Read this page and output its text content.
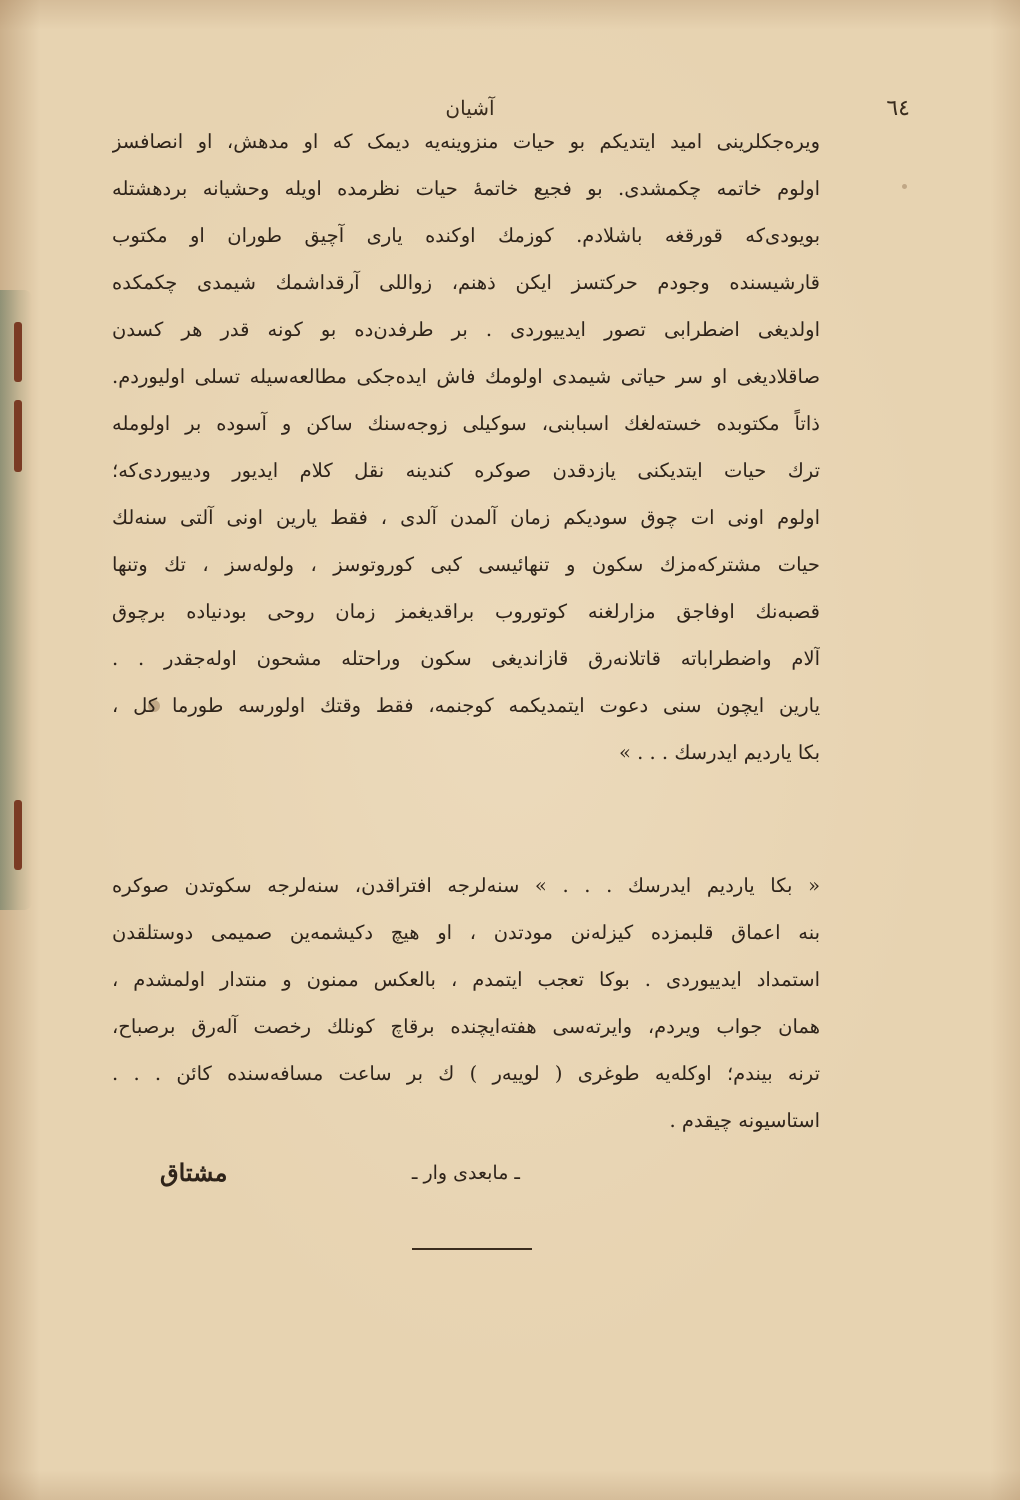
آشیان	٦٤
ویره‌جکلرینی امید ایتدیکم بو حیات منزوینه‌یه دیمک که او مدهش، او انصافسز
اولوم خاتمه چکمشدی. بو فجیع خاتمهٔ حیات نظرمده اویله وحشیانه بردهشتله
بویودی‌که قورقغه باشلادم. کوزمك اوکنده یاری آچیق طوران او مکتوب
قارشیسنده وجودم حرکتسز ایکن ذهنم، زواللی آرقداشمك شیمدی چکمکده
اولدیغی اضطرابی تصور ایدییوردی . بر طرفدن‌ده بو کونه قدر هر کسدن
صاقلادیغی او سر حیاتی شیمدی اولومك فاش ایده‌جکی مطالعه‌سیله تسلی اولیوردم.
ذاتاً مکتوبده خسته‌لغك اسبابنی، سوکیلی زوجه‌سنك ساکن و آسوده بر اولومله
ترك حیات ایتدیکنی یازدقدن صوکره کندینه نقل کلام ایدیور ودییوردی‌که؛
اولوم اونی ات چوق سودیکم زمان آلمدن آلدی ، فقط یارین اونی آلتی سنه‌لك
حیات مشترکه‌مزك سکون و تنهائیسی کبی کوروتوسز ، ولوله‌سز ، تك وتنها
قصبه‌نك اوفاجق مزارلغنه کوتوروب براقدیغمز زمان روحی بودنیاده برچوق
آلام واضطراباته قاتلانه‌رق قازاندیغی سکون وراحتله مشحون اوله‌جقدر . .
یارین ایچون سنی دعوت ایتمدیکمه کوجنمه، فقط وقتك اولورسه طورما کل ،
بکا یاردیم ایدرسك . . . »
« بکا یاردیم ایدرسك . . . » سنه‌لرجه افتراقدن، سنه‌لرجه سکوتدن صوکره
بنه اعماق قلبمزده کیزله‌نن مودتدن ، او هیچ دکیشمه‌ین صمیمی دوستلقدن
استمداد ایدییوردی . بوکا تعجب ایتمدم ، بالعکس ممنون و منتدار اولمشدم ،
همان جواب ویردم، وایرته‌سی هفته‌ایچنده برقاچ کونلك رخصت آله‌رق برصباح،
ترنه بیندم؛ اوکله‌یه طوغری ( لوییه‌ر ) ك بر ساعت مسافه‌سنده کائن . . .
استاسیونه چیقدم .
ـ مابعدی وار ـ
مشتاق
